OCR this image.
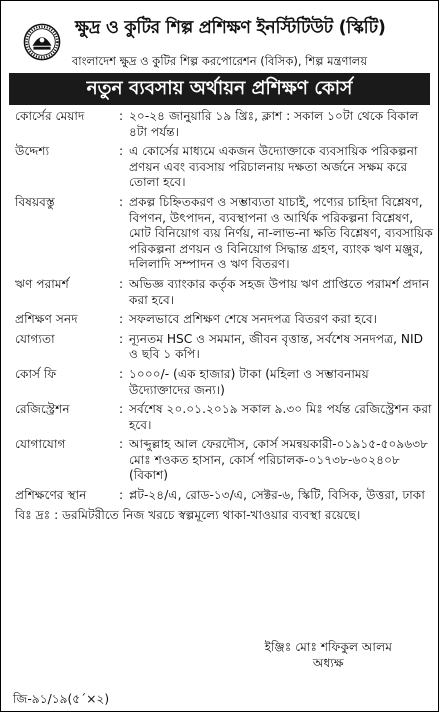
ক্ষুদ্র ও কুটির শিল্প প্রশিক্ষণ ইনস্টিটিউট (স্কিটি)
বাংলাদেশ ক্ষুদ্র ও কুটির শিল্প করপোরেশন (বিসিক), শিল্প মন্ত্রণালয়
নতুন ব্যবসায় অর্থায়ন প্রশিক্ষণ কোর্স
কোর্সের মেয়াদ	:	২০-২৪ জানুয়ারি ১৯ খ্রিঃ, ক্লাশ : সকাল ১০টা থেকে বিকাল ৪টা পর্যন্ত।
উদ্দেশ্য	:	এ কোর্সের মাধ্যমে একজন উদ্যোক্তাকে ব্যবসায়িক পরিকল্পনা প্রণয়ন এবং ব্যবসায় পরিচালনায় দক্ষতা অর্জনে সক্ষম করে তোলা হবে।
বিষয়বস্তু	:	প্রকল্প চিহ্নিতকরণ ও সম্ভাব্যতা যাচাই, পণ্যের চাহিদা বিশ্লেষণ, বিপণন, উৎপাদন, ব্যবস্থাপনা ও আর্থিক পরিকল্পনা বিশ্লেষণ, মোট বিনিয়োগ ব্যয় নির্ণয়, না-লাভ-না ক্ষতি বিশ্লেষণ, ব্যবসায়িক পরিকল্পনা প্রণয়ন ও বিনিয়োগ সিদ্ধান্ত গ্রহণ, ব্যাংক ঋণ মঞ্জুর, দলিলাদি সম্পাদন ও ঋণ বিতরণ।
ঋণ পরামর্শ	:	অভিজ্ঞ ব্যাংকার কর্তৃক সহজ উপায় ঋণ প্রাপ্তিতে পরামর্শ প্রদান করা হবে।
প্রশিক্ষণ সনদ	:	সফলভাবে প্রশিক্ষণ শেষে সনদপত্র বিতরণ করা হবে।
যোগ্যতা	:	ন্যূনতম HSC ও সমমান, জীবন বৃত্তান্ত, সর্বশেষ সনদপত্র, NID ও ছবি ১ কপি।
কোর্স ফি	:	১০০০/- (এক হাজার) টাকা (মহিলা ও সম্ভাবনাময় উদ্যোক্তাদের জন্য।)
রেজিস্ট্রেশন	:	সর্বশেষ ২০.০১.২০১৯ সকাল ৯.৩০ মিঃ পর্যন্ত রেজিস্ট্রেশন করা হবে।
যোগাযোগ	:	আব্দুল্লাহ আল ফেরদৌস, কোর্স সমন্বয়কারী-০১৯১৫-৫০৯৬৩৮ মোঃ শওকত হাসান, কোর্স পরিচালক-০১৭৩৮-৬০২৪০৮ (বিকাশ)
প্রশিক্ষণের স্থান	:	প্লট-২৪/এ, রোড-১৩/এ, সেক্টর-৬, স্কিটি, বিসিক, উত্তরা, ঢাকা
বিঃ দ্রঃ : ডরমিটরীতে নিজ খরচে স্বল্পমূল্যে থাকা-খাওয়ার ব্যবস্থা রয়েছে।
ইঞ্জিঃ মোঃ শফিকুল আলম
অধ্যক্ষ
জি-৯১/১৯(৫´×২)
